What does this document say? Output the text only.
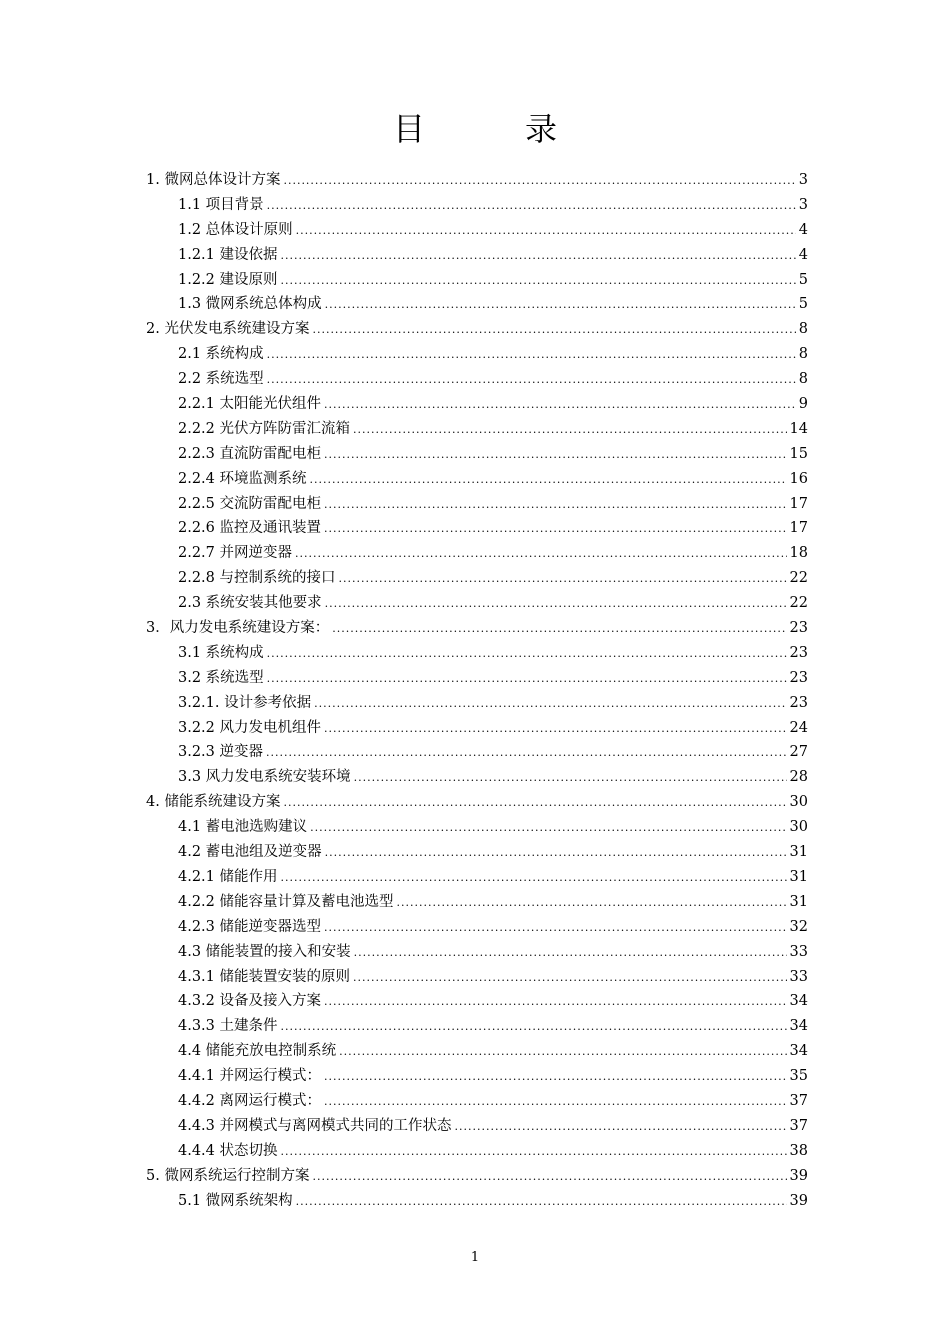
目　录
1. 微网总体设计方案 .....	3
1.1 项目背景 .....	3
1.2 总体设计原则 .....	4
1.2.1 建设依据 .....	4
1.2.2 建设原则 .....	5
1.3 微网系统总体构成 .....	5
2. 光伏发电系统建设方案 .....	8
2.1 系统构成 .....	8
2.2 系统选型 .....	8
2.2.1 太阳能光伏组件 .....	9
2.2.2 光伏方阵防雷汇流箱 .....	14
2.2.3 直流防雷配电柜 .....	15
2.2.4 环境监测系统 .....	16
2.2.5 交流防雷配电柜 .....	17
2.2.6 监控及通讯装置 .....	17
2.2.7 并网逆变器 .....	18
2.2.8 与控制系统的接口 .....	22
2.3 系统安装其他要求 .....	22
3．风力发电系统建设方案： .....	23
3.1 系统构成 .....	23
3.2 系统选型 .....	23
3.2.1. 设计参考依据 .....	23
3.2.2 风力发电机组件 .....	24
3.2.3 逆变器 .....	27
3.3 风力发电系统安装环境 .....	28
4. 储能系统建设方案 .....	30
4.1 蓄电池选购建议 .....	30
4.2 蓄电池组及逆变器 .....	31
4.2.1 储能作用 .....	31
4.2.2 储能容量计算及蓄电池选型 .....	31
4.2.3 储能逆变器选型 .....	32
4.3 储能装置的接入和安装 .....	33
4.3.1 储能装置安装的原则 .....	33
4.3.2 设备及接入方案 .....	34
4.3.3 土建条件 .....	34
4.4 储能充放电控制系统 .....	34
4.4.1 并网运行模式： .....	35
4.4.2 离网运行模式： .....	37
4.4.3 并网模式与离网模式共同的工作状态 .....	37
4.4.4 状态切换 .....	38
5. 微网系统运行控制方案 .....	39
5.1 微网系统架构 .....	39
1
